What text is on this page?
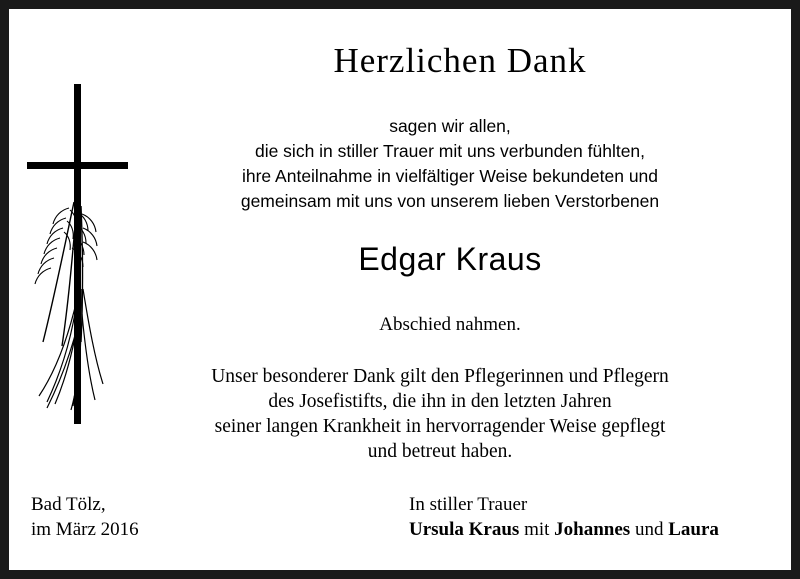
Herzlichen Dank
sagen wir allen,
die sich in stiller Trauer mit uns verbunden fühlten,
ihre Anteilnahme in vielfältiger Weise bekundeten und
gemeinsam mit uns von unserem lieben Verstorbenen
Edgar Kraus
Abschied nahmen.
Unser besonderer Dank gilt den Pflegerinnen und Pflegern
des Josefistifts, die ihn in den letzten Jahren
seiner langen Krankheit in hervorragender Weise gepflegt
und betreut haben.
Bad Tölz,
im März 2016
In stiller Trauer
Ursula Kraus mit Johannes und Laura
